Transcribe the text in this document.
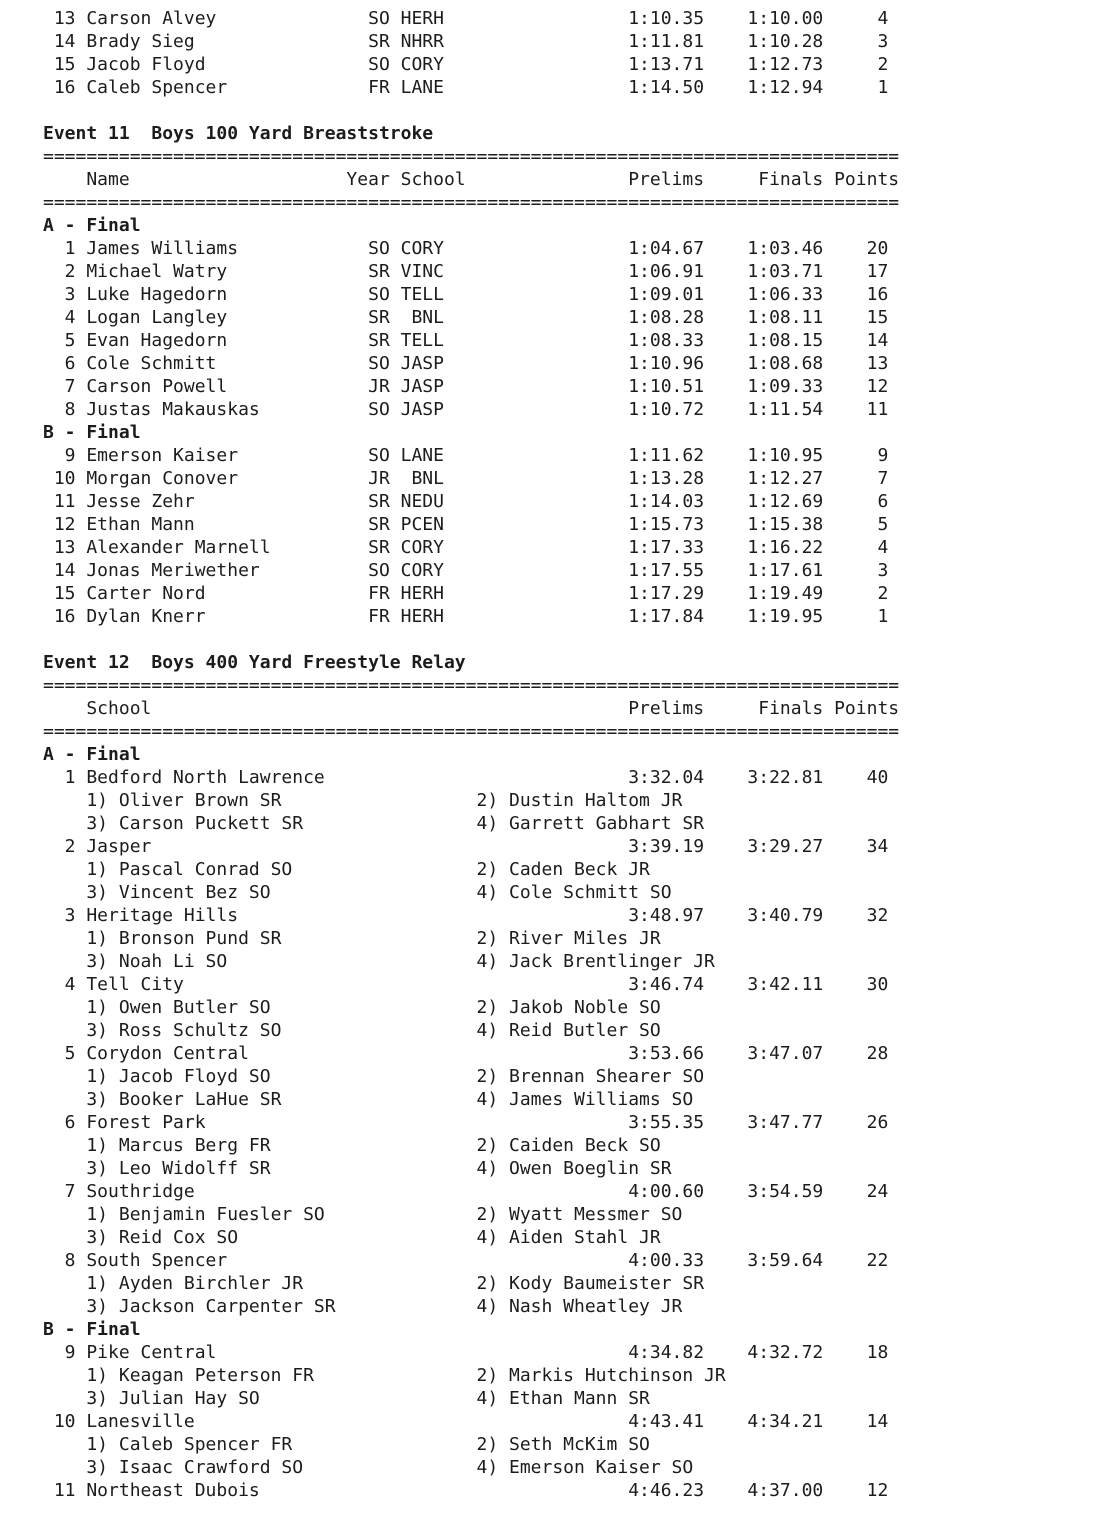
13 Carson Alvey              SO HERH                 1:10.35    1:10.00     4
14 Brady Sieg                SR NHRR                 1:11.81    1:10.28     3
15 Jacob Floyd               SO CORY                 1:13.71    1:12.73     2
16 Caleb Spencer             FR LANE                 1:14.50    1:12.94     1
Event 11  Boys 100 Yard Breaststroke
===============================================================================
Name                    Year School               Prelims     Finals Points
===============================================================================
A - Final
1 James Williams            SO CORY                 1:04.67    1:03.46    20
2 Michael Watry             SR VINC                 1:06.91    1:03.71    17
3 Luke Hagedorn             SO TELL                 1:09.01    1:06.33    16
4 Logan Langley             SR  BNL                 1:08.28    1:08.11    15
5 Evan Hagedorn             SR TELL                 1:08.33    1:08.15    14
6 Cole Schmitt              SO JASP                 1:10.96    1:08.68    13
7 Carson Powell             JR JASP                 1:10.51    1:09.33    12
8 Justas Makauskas          SO JASP                 1:10.72    1:11.54    11
B - Final
9 Emerson Kaiser            SO LANE                 1:11.62    1:10.95     9
10 Morgan Conover            JR  BNL                 1:13.28    1:12.27     7
11 Jesse Zehr                SR NEDU                 1:14.03    1:12.69     6
12 Ethan Mann                SR PCEN                 1:15.73    1:15.38     5
13 Alexander Marnell         SR CORY                 1:17.33    1:16.22     4
14 Jonas Meriwether          SO CORY                 1:17.55    1:17.61     3
15 Carter Nord               FR HERH                 1:17.29    1:19.49     2
16 Dylan Knerr               FR HERH                 1:17.84    1:19.95     1
Event 12  Boys 400 Yard Freestyle Relay
===============================================================================
School                                            Prelims     Finals Points
===============================================================================
A - Final
1 Bedford North Lawrence                            3:32.04    3:22.81    40
1) Oliver Brown SR                  2) Dustin Haltom JR
3) Carson Puckett SR                4) Garrett Gabhart SR
2 Jasper                                            3:39.19    3:29.27    34
1) Pascal Conrad SO                 2) Caden Beck JR
3) Vincent Bez SO                   4) Cole Schmitt SO
3 Heritage Hills                                    3:48.97    3:40.79    32
1) Bronson Pund SR                  2) River Miles JR
3) Noah Li SO                       4) Jack Brentlinger JR
4 Tell City                                         3:46.74    3:42.11    30
1) Owen Butler SO                   2) Jakob Noble SO
3) Ross Schultz SO                  4) Reid Butler SO
5 Corydon Central                                   3:53.66    3:47.07    28
1) Jacob Floyd SO                   2) Brennan Shearer SO
3) Booker LaHue SR                  4) James Williams SO
6 Forest Park                                       3:55.35    3:47.77    26
1) Marcus Berg FR                   2) Caiden Beck SO
3) Leo Widolff SR                   4) Owen Boeglin SR
7 Southridge                                        4:00.60    3:54.59    24
1) Benjamin Fuesler SO              2) Wyatt Messmer SO
3) Reid Cox SO                      4) Aiden Stahl JR
8 South Spencer                                     4:00.33    3:59.64    22
1) Ayden Birchler JR                2) Kody Baumeister SR
3) Jackson Carpenter SR             4) Nash Wheatley JR
B - Final
9 Pike Central                                      4:34.82    4:32.72    18
1) Keagan Peterson FR               2) Markis Hutchinson JR
3) Julian Hay SO                    4) Ethan Mann SR
10 Lanesville                                        4:43.41    4:34.21    14
1) Caleb Spencer FR                 2) Seth McKim SO
3) Isaac Crawford SO                4) Emerson Kaiser SO
11 Northeast Dubois                                  4:46.23    4:37.00    12
